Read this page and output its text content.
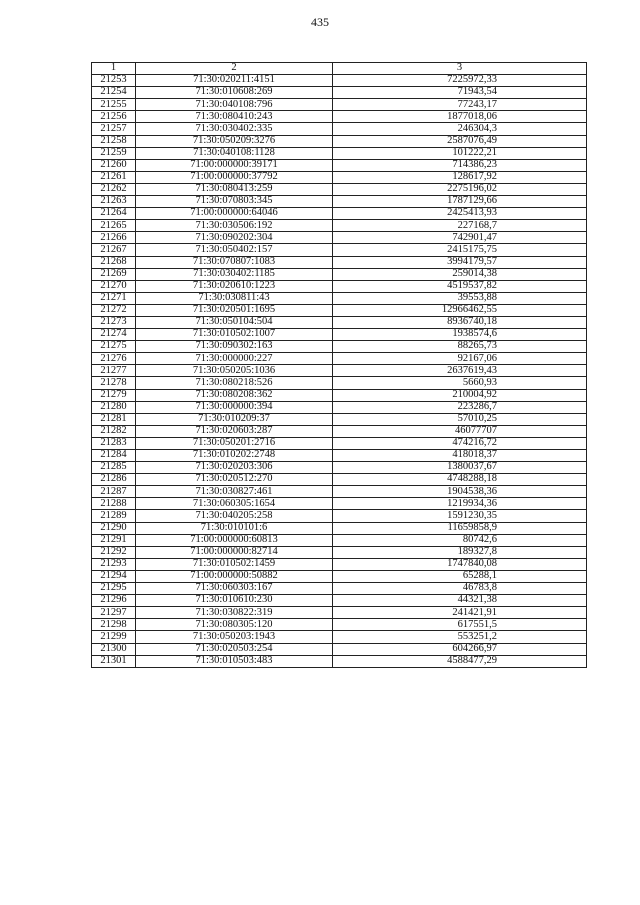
435
1	2	3
21253	71:30:020211:4151	7225972,33
21254	71:30:010608:269	71943,54
21255	71:30:040108:796	77243,17
21256	71:30:080410:243	1877018,06
21257	71:30:030402:335	246304,3
21258	71:30:050209:3276	2587076,49
21259	71:30:040108:1128	101222,21
21260	71:00:000000:39171	714386,23
21261	71:00:000000:37792	128617,92
21262	71:30:080413:259	2275196,02
21263	71:30:070803:345	1787129,66
21264	71:00:000000:64046	2425413,93
21265	71:30:030506:192	227168,7
21266	71:30:090202:304	742901,47
21267	71:30:050402:157	2415175,75
21268	71:30:070807:1083	3994179,57
21269	71:30:030402:1185	259014,38
21270	71:30:020610:1223	4519537,82
21271	71:30:030811:43	39553,88
21272	71:30:020501:1695	12966462,55
21273	71:30:050104:504	8936740,18
21274	71:30:010502:1007	1938574,6
21275	71:30:090302:163	88265,73
21276	71:30:000000:227	92167,06
21277	71:30:050205:1036	2637619,43
21278	71:30:080218:526	5660,93
21279	71:30:080208:362	210004,92
21280	71:30:000000:394	223286,7
21281	71:30:010209:37	57010,25
21282	71:30:020603:287	46077707
21283	71:30:050201:2716	474216,72
21284	71:30:010202:2748	418018,37
21285	71:30:020203:306	1380037,67
21286	71:30:020512:270	4748288,18
21287	71:30:030827:461	1904538,36
21288	71:30:060305:1654	1219934,36
21289	71:30:040205:258	1591230,35
21290	71:30:010101:6	11659858,9
21291	71:00:000000:60813	80742,6
21292	71:00:000000:82714	189327,8
21293	71:30:010502:1459	1747840,08
21294	71:00:000000:50882	65288,1
21295	71:30:060303:167	46783,8
21296	71:30:010610:230	44321,38
21297	71:30:030822:319	241421,91
21298	71:30:080305:120	617551,5
21299	71:30:050203:1943	553251,2
21300	71:30:020503:254	604266,97
21301	71:30:010503:483	4588477,29
